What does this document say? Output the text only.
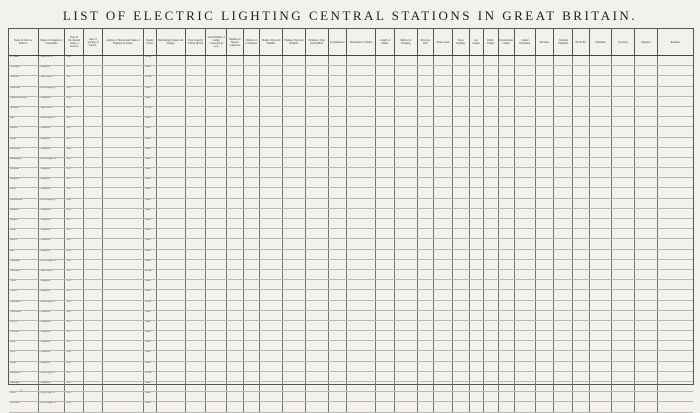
LIST OF ELECTRIC LIGHTING CENTRAL STATIONS IN GREAT BRITAIN.
Name of Town or District.	Name of Company or Undertaker.	Date of Provisional Order or Licence.	Date of opening of Station.	Address of Station and Name of Engineer in charge.	Supply Given.	Distributing System and Voltage.	Total Capacity of Plant (K.W.).	Total Number of Lamps connected (8 c.p.).	Number of Motors connected.	Number of Consumers.	Boilers, Type and Number.	Engines, Type and Number.	Dynamos, Type and Number.	Accumulators.	Description of Mains.	Length of Mains.	Method of Charging.	Price per Unit.	Meters used.	Street Lighting.	Arc Lamps.	Public Lamps.	Incandescent Lamps.	Capital Expended.	Revenue.	Working Expenses.	Net Profit.	Chairman.	Secretary.	Engineer.	Remarks.
St. Albans	Urban Dist. Co.	1890			Private																										
Accrington	Corporation	1891			Public																										
Aldershot	Urban Council	1892			Private																										
Altrincham	Electric Supply Co.	1893			Public																										
Ashton-under-Lyne	Corporation	1894			Public																										
Aylesbury	Urban Council	1890			Private																										
Bath	Electric Light Co.	1891			Public																										
Bedford	Corporation	1892			Public																										
Belfast	Corporation	1893			Public																										
Birkenhead	Corporation	1894			Public																										
Birmingham	Electric Supply Co.	1890			Public																										
Blackburn	Corporation	1891			Public																										
Blackpool	Corporation	1892			Public																										
Bolton	Corporation	1893			Public																										
Bournemouth	Electric Supply Co.	1894			Public																										
Bradford	Corporation	1890			Public																										
Brighton	Corporation	1891			Public																										
Bristol	Corporation	1892			Public																										
Burnley	Corporation	1893			Public																										
Bury	Corporation	1894			Public																										
Cambridge	Electric Supply Co.	1890			Public																										
Canterbury	Urban Council	1891			Private																										
Cardiff	Corporation	1892			Public																										
Carlisle	Corporation	1893			Public																										
Chelmsford	Electric Light Co.	1894			Private																										
Cheltenham	Corporation	1890			Public																										
Chester	Corporation	1891			Public																										
Colchester	Corporation	1892			Public																										
Derby	Corporation	1893			Public																										
Dover	Corporation	1894			Public																										
Dublin	Corporation	1890			Public																										
Eastbourne	Electric Light Co.	1891			Private																										
Edinburgh	Corporation	1892			Public																										
Exeter	Electric Light Co.	1893			Public																										
Folkestone	Electric Supply Co.	1894			Public																										
4
